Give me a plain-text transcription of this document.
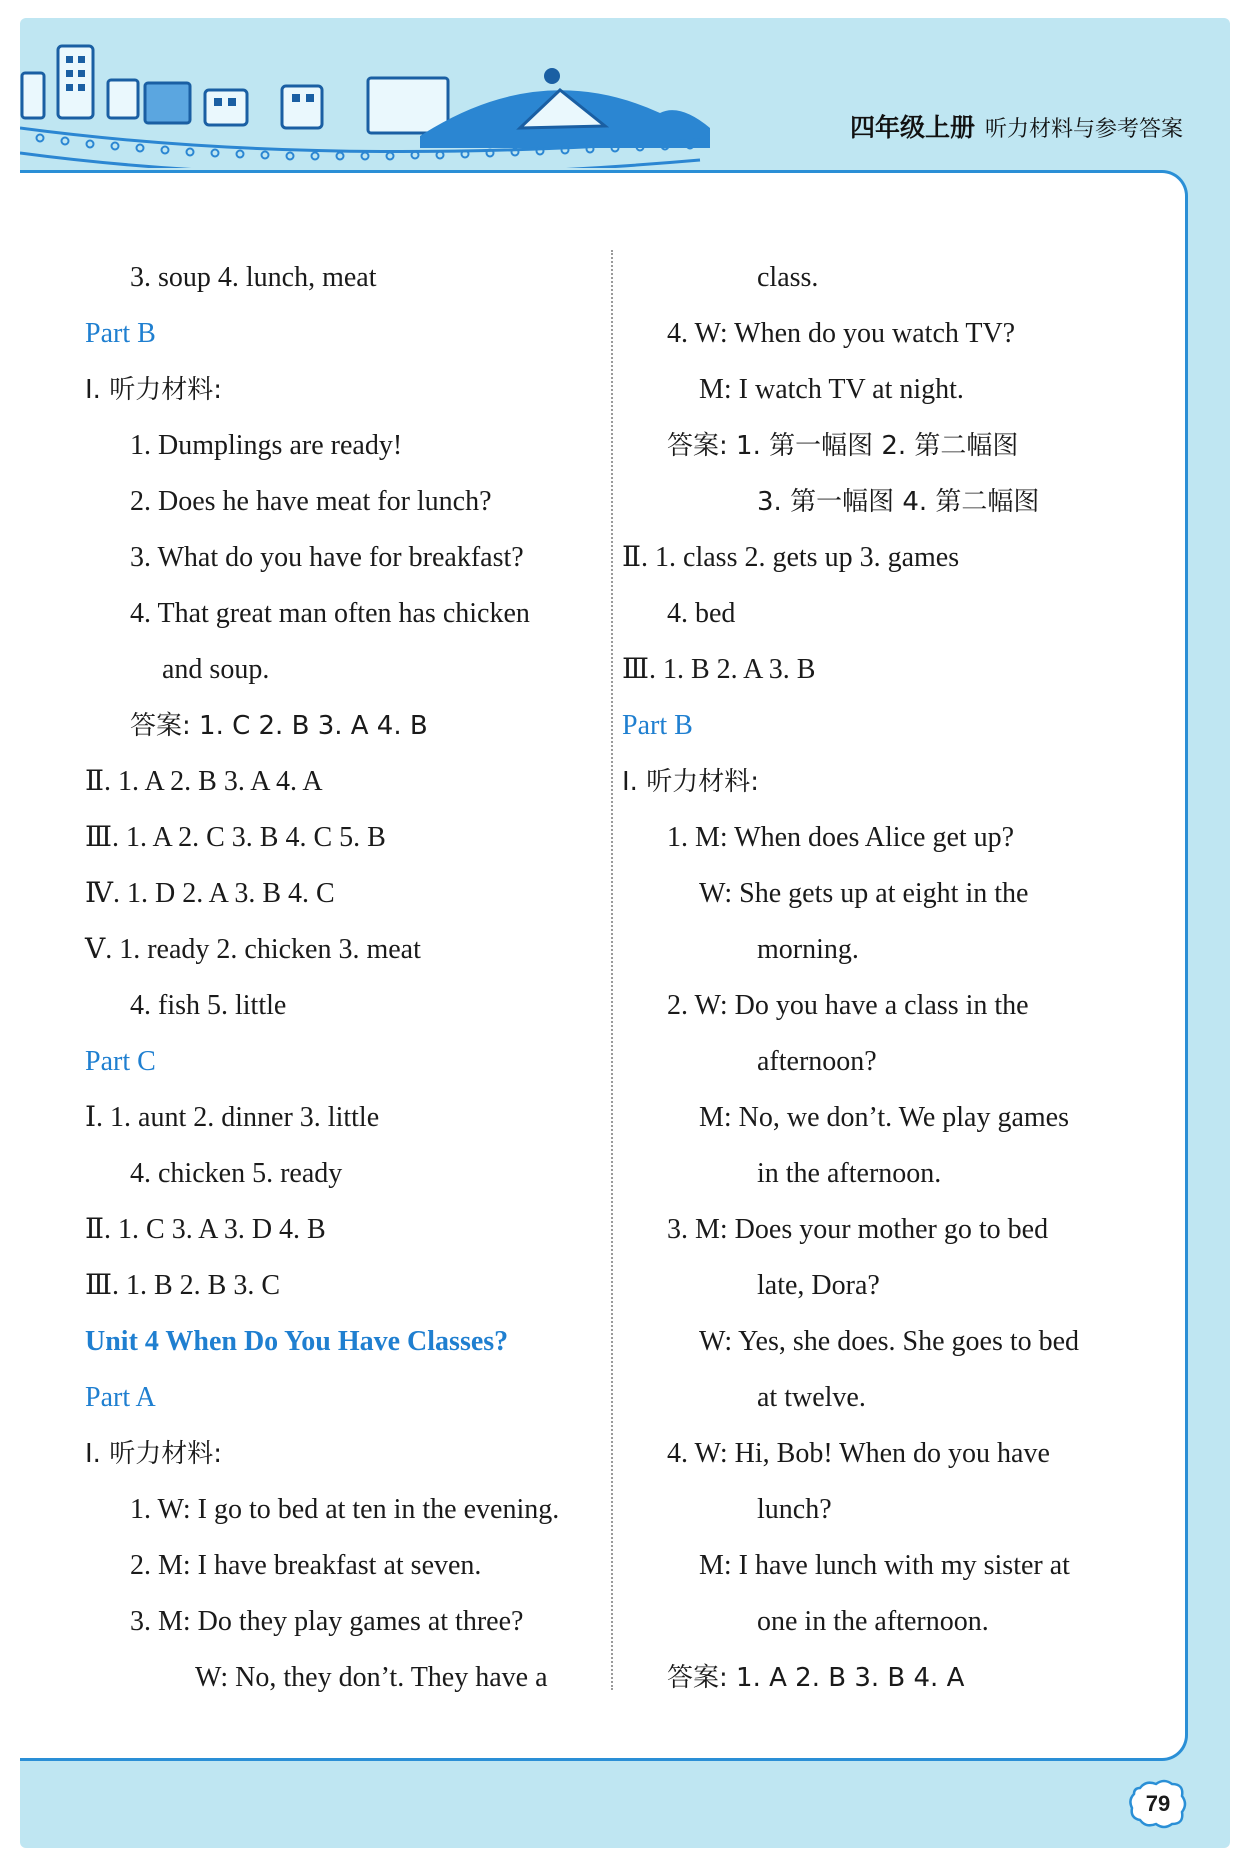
四年级上册 听力材料与参考答案
3. soup 4. lunch, meat
Part B
Ⅰ. 听力材料:
1. Dumplings are ready!
2. Does he have meat for lunch?
3. What do you have for breakfast?
4. That great man often has chicken
and soup.
答案: 1. C 2. B 3. A 4. B
Ⅱ. 1. A 2. B 3. A 4. A
Ⅲ. 1. A 2. C 3. B 4. C 5. B
Ⅳ. 1. D 2. A 3. B 4. C
Ⅴ. 1. ready 2. chicken 3. meat
4. fish 5. little
Part C
Ⅰ. 1. aunt 2. dinner 3. little
4. chicken 5. ready
Ⅱ. 1. C 3. A 3. D 4. B
Ⅲ. 1. B 2. B 3. C
Unit 4 When Do You Have Classes?
Part A
Ⅰ. 听力材料:
1. W: I go to bed at ten in the evening.
2. M: I have breakfast at seven.
3. M: Do they play games at three?
W: No, they don’t. They have a
class.
4. W: When do you watch TV?
M: I watch TV at night.
答案: 1. 第一幅图 2. 第二幅图
3. 第一幅图 4. 第二幅图
Ⅱ. 1. class 2. gets up 3. games
4. bed
Ⅲ. 1. B 2. A 3. B
Part B
Ⅰ. 听力材料:
1. M: When does Alice get up?
W: She gets up at eight in the
morning.
2. W: Do you have a class in the
afternoon?
M: No, we don’t. We play games
in the afternoon.
3. M: Does your mother go to bed
late, Dora?
W: Yes, she does. She goes to bed
at twelve.
4. W: Hi, Bob! When do you have
lunch?
M: I have lunch with my sister at
one in the afternoon.
答案: 1. A 2. B 3. B 4. A
79
